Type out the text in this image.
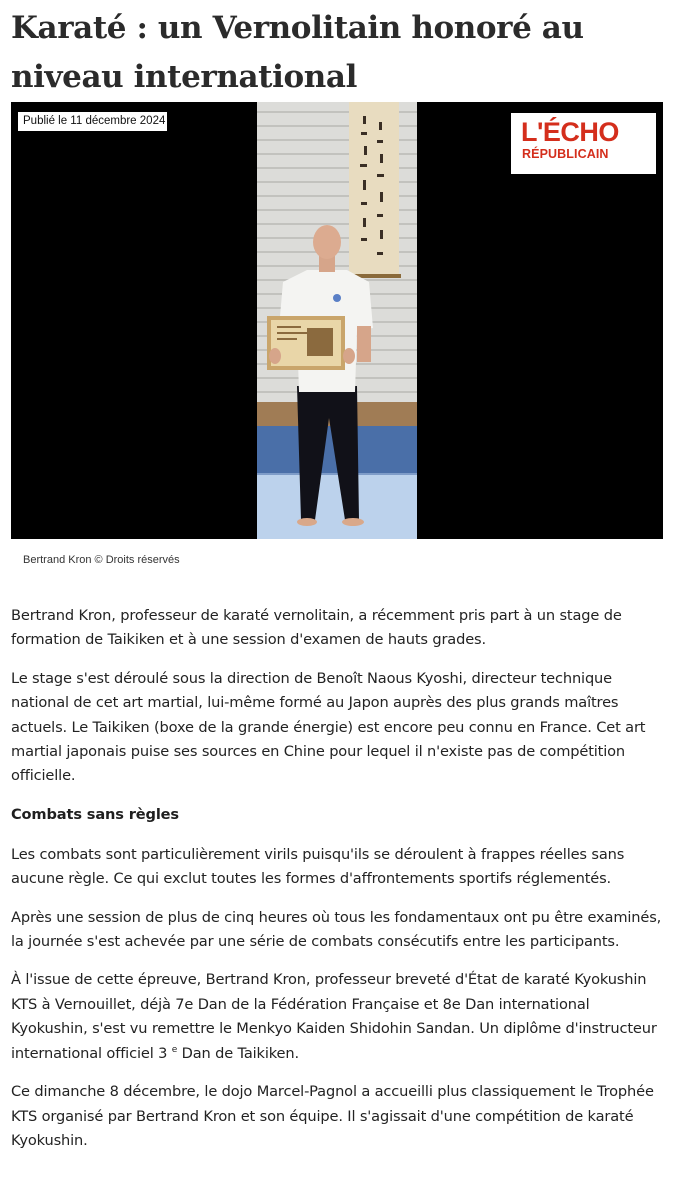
Karaté : un Vernolitain honoré au niveau international
Publié le 11 décembre 2024	L'ÉCHO
RÉPUBLICAIN
Bertrand Kron © Droits réservés

Bertrand Kron, professeur de karaté vernolitain, a récemment pris part à un stage de formation de Taikiken et à une session d'examen de hauts grades.

Le stage s'est déroulé sous la direction de Benoît Naous Kyoshi, directeur technique national de cet art martial, lui-même formé au Japon auprès des plus grands maîtres actuels. Le Taikiken (boxe de la grande énergie) est encore peu connu en France. Cet art martial japonais puise ses sources en Chine pour lequel il n'existe pas de compétition officielle.

Combats sans règles

Les combats sont particulièrement virils puisqu'ils se déroulent à frappes réelles sans aucune règle. Ce qui exclut toutes les formes d'affrontements sportifs réglementés.

Après une session de plus de cinq heures où tous les fondamentaux ont pu être examinés, la journée s'est achevée par une série de combats consécutifs entre les participants.

À l'issue de cette épreuve, Bertrand Kron, professeur breveté d'État de karaté Kyokushin KTS à Vernouillet, déjà 7e Dan de la Fédération Française et 8e Dan international Kyokushin, s'est vu remettre le Menkyo Kaiden Shidohin Sandan. Un diplôme d'instructeur international officiel 3 $^e$ Dan de Taikiken.

Ce dimanche 8 décembre, le dojo Marcel-Pagnol a accueilli plus classiquement le Trophée KTS organisé par Bertrand Kron et son équipe. Il s'agissait d'une compétition de karaté Kyokushin.
